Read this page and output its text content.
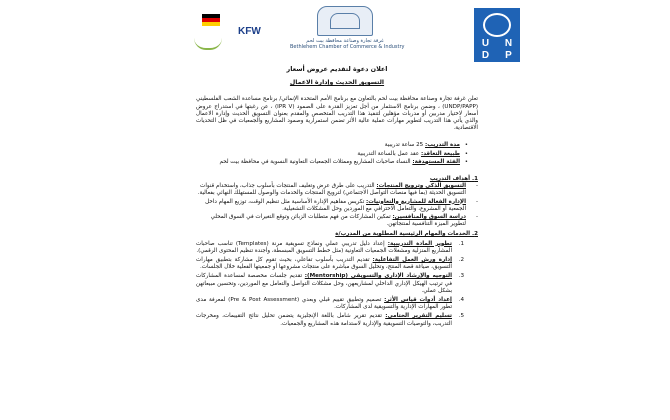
U	N
D	P
غرفة تجارة وصناعة محافظة بيت لحم
Bethlehem Chamber of Commerce & Industry
KFW
اعلان دعوة لتقديم عروض أسعار
التسويق الحديث وإدارة الاعمال
تعلن غرفة تجارة وصناعة محافظة بيت لحم بالتعاون مع برنامج الأمم المتحدة الإنمائي/ برنامج مساعدة الشعب الفلسطيني (UNDP/PAPP) ، وضمن برنامج الاستثمار من أجل تعزيز القدرة على الصمود (IPR V) ، عن رغبتها في استدراج عروض أسعار لاختيار مدربين أو مدربات مؤهلين لتنفيذ هذا التدريب المتخصص والمقدم بعنوان التسويق الحديث وإدارة الاعمال والذي يأتي هذا التدريب لتطوير مهارات عملية عالية الأثر تضمن استمرارية وصمود المشاريع والجمعيات في ظل التحديات الاقتصادية.
• مدة التدريب: 25 ساعة تدريبية
• طبيعة التعاقد: عقد عمل بالساعة التدريبية
• الفئة المستهدفة: النساء صاحبات المشاريع وممثلات الجمعيات التعاونية النسوية في محافظة بيت لحم
1. أهداف التدريب
-
التسويق الذكي وترويج المنتجات: التدريب على طرق عرض وتغليف المنتجات بأسلوب جذاب، واستخدام قنوات التسويق الحديثة (بما فيها منصات التواصل الاجتماعي) لترويج المنتجات والخدمات والوصول للمستهلك النهائي بفعالية.
-
الإدارة الفعالة للمشاريع والتعاونيات: تكريس مفاهيم الإدارة الأساسية مثل تنظيم الوقت، توزيع المهام داخل الجمعية أو المشروع، والتعامل الاحترافي مع الموردين وحل المشكلات التشغيلية.
-
دراسة السوق والمنافسين: تمكين المشاركات من فهم متطلبات الزبائن وتوقع التغيرات في السوق المحلي لتطوير الميزة التنافسية لمنتجاتهن.
2. الخدمات والمهام الرئيسية المطلوبة من المدرب/ة
1.
تطوير المادة التدريبية: إعداد دليل تدريبي عملي ونماذج تسويقية مرنة (Templates) تناسب صاحبات المشاريع المنزلية ومشغلات الجمعيات التعاونية (مثل خطط التسويق المبسطة، وأجندة تنظيم المحتوى الرقمي).
2.
إدارة ورش العمل التفاعلية: تقديم التدريب بأسلوب تفاعلي، بحيث تقوم كل مشاركة بتطبيق مهارات التسويق، صياغة قصة المنتج، وتحليل السوق مباشرة على منتجات مشروعها أو جمعيتها الفعلية خلال الجلسات.
3.
التوجيه والإرشاد الإداري والتسويقي (Mentorship): تقديم جلسات مخصصة لمساعدة المشاركات في ترتيب الهيكل الإداري الداخلي لمشاريعهن، وحل مشكلات التواصل والتعامل مع الموردين، وتحسين مبيعاتهن بشكل عملي.
4.
إعداد أدوات قياس الأثر: تصميم وتطبيق تقييم قبلي وبعدي (Pre & Post Assessment) لمعرفة مدى تطور المهارات الإدارية والتسويقية لدى المشاركات.
5.
تسليم التقرير الختامي: تقديم تقرير شامل باللغة الإنجليزية يتضمن تحليل نتائج التقييمات، ومخرجات التدريب، والتوصيات التسويقية والإدارية لاستدامة هذه المشاريع والجمعيات.
